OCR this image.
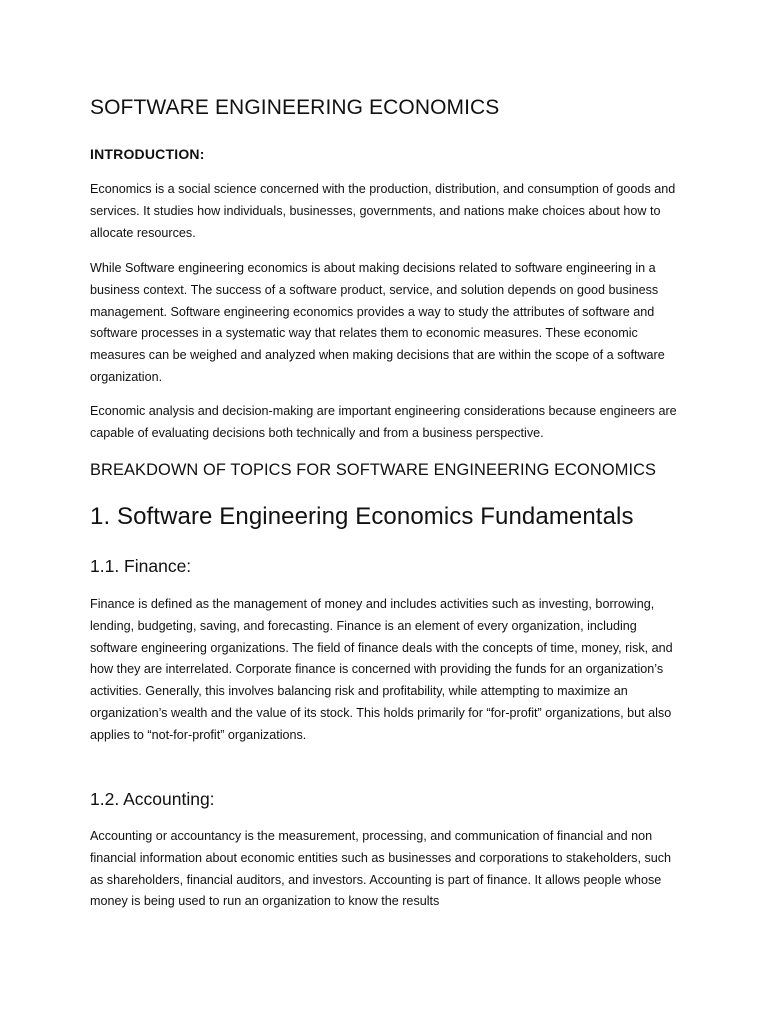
SOFTWARE ENGINEERING ECONOMICS
INTRODUCTION:

Economics is a social science concerned with the production, distribution, and consumption of goods and services. It studies how individuals, businesses, governments, and nations make choices about how to allocate resources.

While Software engineering economics is about making decisions related to software engineering in a business context. The success of a software product, service, and solution depends on good business management. Software engineering economics provides a way to study the attributes of software and software processes in a systematic way that relates them to economic measures. These economic measures can be weighed and analyzed when making decisions that are within the scope of a software organization.

Economic analysis and decision-making are important engineering considerations because engineers are capable of evaluating decisions both technically and from a business perspective.

BREAKDOWN OF TOPICS FOR SOFTWARE ENGINEERING ECONOMICS
1. Software Engineering Economics Fundamentals
1.1. Finance:

Finance is defined as the management of money and includes activities such as investing, borrowing, lending, budgeting, saving, and forecasting. Finance is an element of every organization, including software engineering organizations. The field of finance deals with the concepts of time, money, risk, and how they are interrelated. Corporate finance is concerned with providing the funds for an organization’s activities. Generally, this involves balancing risk and profitability, while attempting to maximize an organization’s wealth and the value of its stock. This holds primarily for “for-profit” organizations, but also applies to “not-for-profit” organizations.

1.2. Accounting:

Accounting or accountancy is the measurement, processing, and communication of financial and non financial information about economic entities such as businesses and corporations to stakeholders, such as shareholders, financial auditors, and investors. Accounting is part of finance. It allows people whose money is being used to run an organization to know the results
